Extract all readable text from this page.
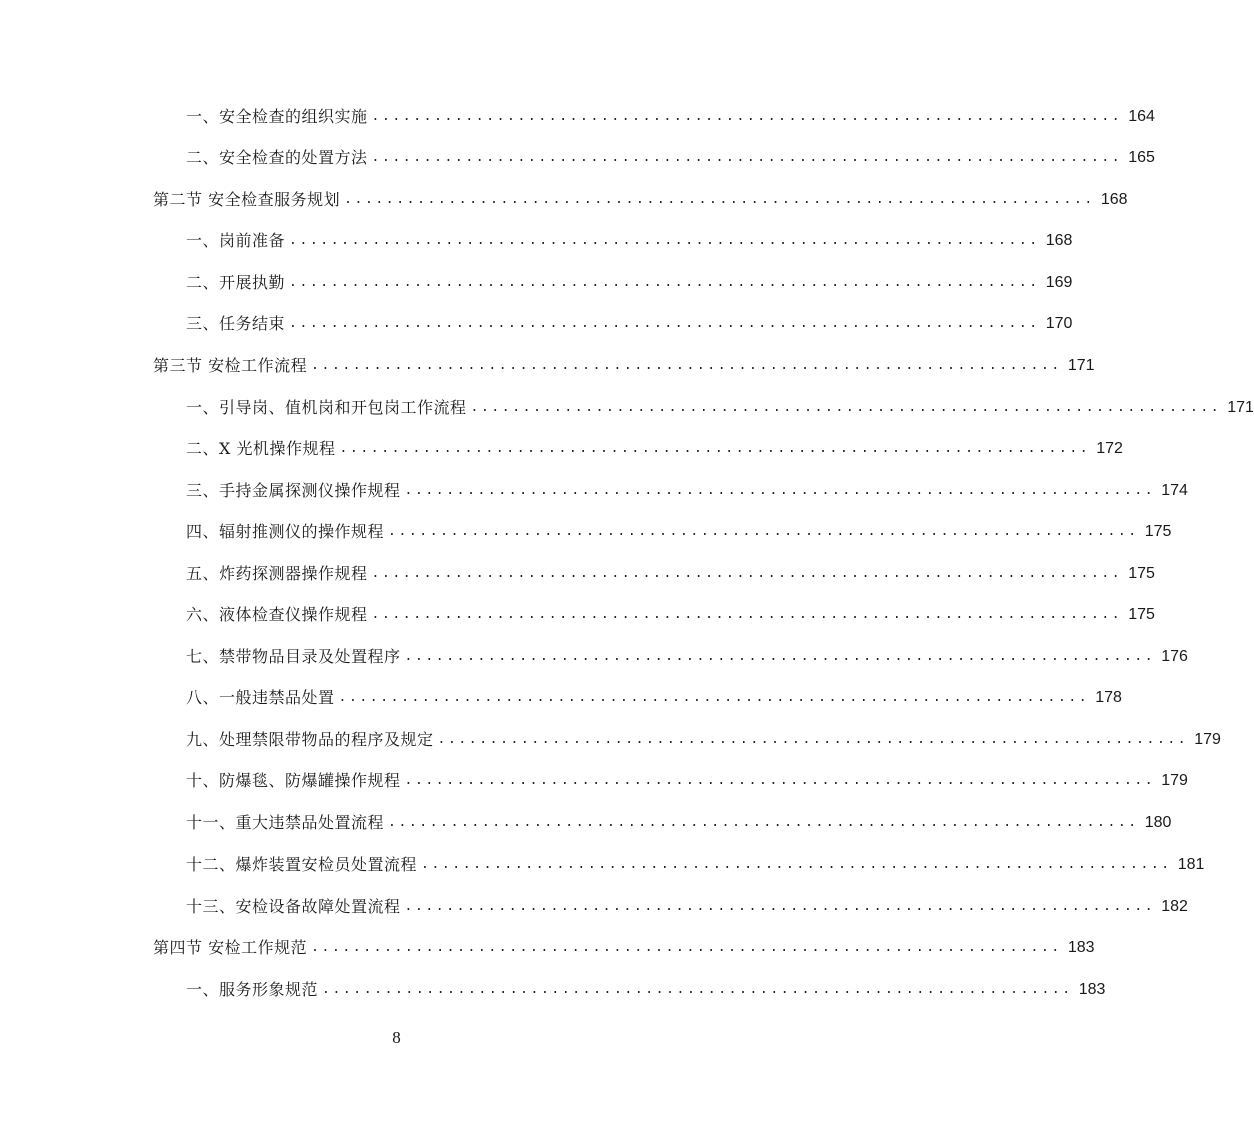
一、安全检查的组织实施 ........................................................................ 164
二、安全检查的处置方法 ........................................................................ 165
第二节 安全检查服务规划 ........................................................................ 168
一、岗前准备 ........................................................................ 168
二、开展执勤 ........................................................................ 169
三、任务结束 ........................................................................ 170
第三节 安检工作流程 ........................................................................ 171
一、引导岗、值机岗和开包岗工作流程 ........................................................................ 171
二、X 光机操作规程 ........................................................................ 172
三、手持金属探测仪操作规程 ........................................................................ 174
四、辐射推测仪的操作规程 ........................................................................ 175
五、炸药探测器操作规程 ........................................................................ 175
六、液体检查仪操作规程 ........................................................................ 175
七、禁带物品目录及处置程序 ........................................................................ 176
八、一般违禁品处置 ........................................................................ 178
九、处理禁限带物品的程序及规定 ........................................................................ 179
十、防爆毯、防爆罐操作规程 ........................................................................ 179
十一、重大违禁品处置流程 ........................................................................ 180
十二、爆炸装置安检员处置流程 ........................................................................ 181
十三、安检设备故障处置流程 ........................................................................ 182
第四节 安检工作规范 ........................................................................ 183
一、服务形象规范 ........................................................................ 183
8
